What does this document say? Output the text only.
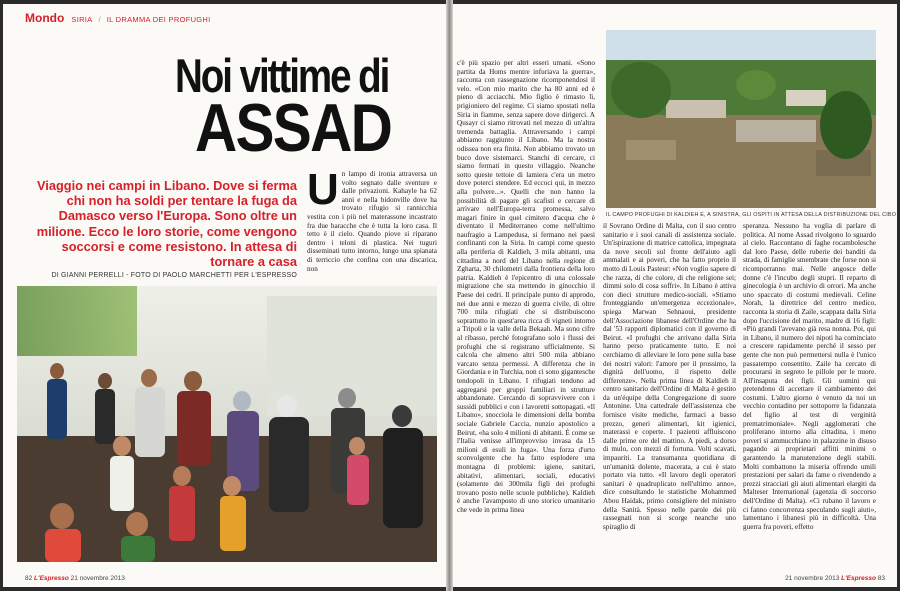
Mondo SIRIA / IL DRAMMA DEI PROFUGHI
Noi vittime di
ASSAD
Viaggio nei campi in Libano. Dove si ferma chi non ha soldi per tentare la fuga da Damasco verso l'Europa. Sono oltre un milione. Ecco le loro storie, come vengono soccorsi e come resistono. In attesa di tornare a casa
DI GIANNI PERRELLI - FOTO DI PAOLO MARCHETTI PER L'ESPRESSO
Un lampo di ironia attraversa un volto segnato dalle sventure e dalle privazioni. Kahayle ha 62 anni e nella bidonville dove ha trovato rifugio si rannicchia vestita con i più nel materassone incastrato fra due baracche che è tutta la loro casa. Il tetto è il cielo. Quando piove si riparano dentro i teloni di plastica. Nei tuguri disseminati tutto intorno, lungo una spianata di terriccio che confina con una discarica, non
82 L'Espresso 21 novembre 2013
c'è più spazio per altri esseri umani. «Sono partita da Homs mentre infuriava la guerra», racconta con rassegnazione ricomponendosi il velo. «Con mio marito che ha 80 anni ed è pieno di acciacchi. Mio figlio è rimasto lì, prigioniero del regime. Ci siamo spostati nella Siria in fiamme, senza sapere dove dirigerci. A Qusayr ci siamo ritrovati nel mezzo di un'altra tremenda battaglia. Attraversando i campi abbiamo raggiunto il Libano. Ma la nostra odissea non era finita. Non abbiamo trovato un buco dove sistemarci. Stanchi di cercare, ci siamo fermati in questo villaggio. Neanche sotto queste tettoie di lamiera c'era un metro dove poterci stendere. Ed eccoci qui, in mezzo alla polvere...». Quelli che non hanno la possibilità di pagare gli scafisti e cercare di arrivare nell'Europa-terra promessa, salvo magari finire in quel cimitero d'acqua che è diventato il Mediterraneo come nell'ultimo naufragio a Lampedusa, si fermano nei paesi confinanti con la Siria. In campi come questo alla periferia di Kaldieh, 3 mila abitanti, una cittadina a nord del Libano nella regione di Zgharta, 30 chilometri dalla frontiera della loro patria. Kaldieh è l'epicentro di una colossale migrazione che sta mettendo in ginocchio il Paese dei cedri. Il principale punto di approdo, nei due anni e mezzo di guerra civile, di oltre 700 mila rifugiati che si distribuiscono soprattutto in quest'area ricca di vigneti intorno a Tripoli e la valle della Bekaah. Ma sono cifre al ribasso, perché fotografano solo i flussi dei profughi che si registrano ufficialmente. Si calcola che almeno altri 500 mila abbiano varcato senza permessi. A differenza che in Giordania e in Turchia, non ci sono gigantesche tendopoli in Libano. I rifugiati tendono ad aggregarsi per gruppi familiari in strutture abbandonate. Cercando di sopravvivere con i sussidi pubblici e con i lavoretti sottopagati. «Il Libano», snocciola le dimensioni della bomba sociale Gabriele Caccia, nunzio apostolico a Beirut, «ha solo 4 milioni di abitanti. È come se l'Italia venisse all'improvviso invasa da 15 milioni di esuli in fuga». Una forza d'urto sconvolgente che ha fatto esplodere una montagna di problemi: igiene, sanitari, abitativi, alimentari, sociali, educativi (solamente dei 300mila figli dei profughi trovano posto nelle scuole pubbliche). Kaldieh è anche l'avamposto di uno storico umanitario che vede in prima linea
IL CAMPO PROFUGHI DI KALDIEH E, A SINISTRA, GLI OSPITI IN ATTESA DELLA DISTRIBUZIONE DEL CIBO
il Sovrano Ordine di Malta, con il suo centro sanitario e i suoi canali di assistenza sociale. Un'ispirazione di matrice cattolica, impegnata da nove secoli sul fronte dell'aiuto agli ammalati e ai poveri, che ha fatto proprio il motto di Louis Pasteur: «Non voglio sapere di che razza, di che colore, di che religione sei; dimmi solo di cosa soffri». In Libano è attiva con dieci strutture medico-sociali. «Stiamo fronteggiando un'emergenza eccezionale», spiega Marwan Sehnaoui, presidente dell'Associazione libanese dell'Ordine che ha dal '53 rapporti diplomatici con il governo di Beirut. «I profughi che arrivano dalla Siria hanno perso praticamente tutto. E noi cerchiamo di alleviare le loro pene sulla base dei nostri valori: l'amore per il prossimo, la dignità dell'uomo, il rispetto delle differenze». Nella prima linea di Kaldieh il centro sanitario dell'Ordine di Malta è gestito da un'équipe della Congregazione di suore Antonine. Una cattedrale dell'assistenza che fornisce visite mediche, farmaci a basso prezzo, generi alimentari, kit igienici, materassi e coperte. I pazienti affluiscono dalle prime ore del mattino. A piedi, a dorso di mulo, con mezzi di fortuna. Volti scavati, impauriti. La transumanza quotidiana di un'umanità dolente, macerata, a cui è stato portato via tutto. «Il lavoro degli operatori sanitari è quadruplicato nell'ultimo anno», dice consultando le statistiche Mohammed Abou Haidak, primo consigliere del ministro della Sanità. Spesso nelle parole dei più rassegnati non si scorge neanche uno spiraglio di
speranza. Nessuno ha voglia di parlare di politica. Al nome Assad rivolgono lo sguardo al cielo. Raccontano di faghe rocambolesche dal loro Paese, delle ruberie dei banditi da strada, di famiglie smembrate che forse non si ricomporranno mai. Nelle angosce delle donne c'è l'incubo degli stupri. Il reparto di ginecologia è un archivio di orrori. Ma anche uno spaccato di costumi medievali. Celine Norah, la direttrice del centro medico, racconta la storia di Zaile, scappata dalla Siria dopo l'uccisione del marito, madre di 16 figli: «Più grandi l'avevano già resa nonna. Poi, qui in Libano, il numero dei nipoti ha cominciato a crescere rapidamente perché il sesso per gente che non può permettersi nulla è l'unico passatempo consentito. Zaile ha cercato di procurarsi in segreto le pillole per le nuore. All'insaputa dei figli. Gli uomini qui pretendono di accettare il cambiamento dei costumi. L'altro giorno è venuto da noi un vecchio contadino per sottoporre la fidanzata del figlio al test di verginità prematrimoniale». Negli agglomerati che proliferano intorno alla cittadina, i meno poveri si ammucchiano in palazzine in disuso pagando ai proprietari affitti minimi o garantendo la manutenzione degli stabili. Molti combattono la miseria offrendo umili prestazioni per salari da fame o rivendendo a prezzi stracciati gli aiuti alimentari elargiti da Malteser International (agenzia di soccorso dell'Ordine di Malta). «Ci rubano il lavoro e ci fanno concorrenza speculando sugli aiuti», lamentano i libanesi più in difficoltà. Una guerra fra poveri, effetto
21 novembre 2013 L'Espresso 83
